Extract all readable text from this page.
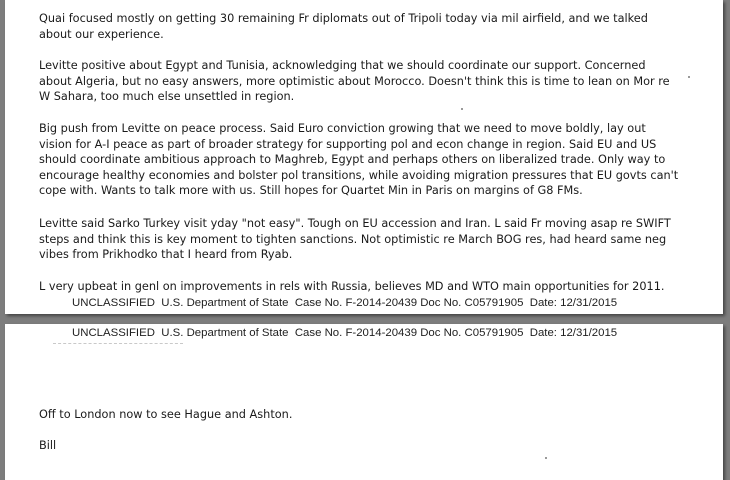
Quai focused mostly on getting 30 remaining Fr diplomats out of Tripoli today via mil airfield, and we talked about our experience.

Levitte positive about Egypt and Tunisia, acknowledging that we should coordinate our support. Concerned about Algeria, but no easy answers, more optimistic about Morocco. Doesn't think this is time to lean on Mor re W Sahara, too much else unsettled in region.

Big push from Levitte on peace process. Said Euro conviction growing that we need to move boldly, lay out vision for A-I peace as part of broader strategy for supporting pol and econ change in region. Said EU and US should coordinate ambitious approach to Maghreb, Egypt and perhaps others on liberalized trade. Only way to encourage healthy economies and bolster pol transitions, while avoiding migration pressures that EU govts can't cope with. Wants to talk more with us. Still hopes for Quartet Min in Paris on margins of G8 FMs.

Levitte said Sarko Turkey visit yday "not easy". Tough on EU accession and Iran. L said Fr moving asap re SWIFT steps and think this is key moment to tighten sanctions. Not optimistic re March BOG res, had heard same neg vibes from Prikhodko that I heard from Ryab.

L very upbeat in genl on improvements in rels with Russia, believes MD and WTO main opportunities for 2011.

UNCLASSIFIED  U.S. Department of State  Case No. F-2014-20439 Doc No. C05791905  Date: 12/31/2015

UNCLASSIFIED  U.S. Department of State  Case No. F-2014-20439 Doc No. C05791905  Date: 12/31/2015

Off to London now to see Hague and Ashton.

Bill
